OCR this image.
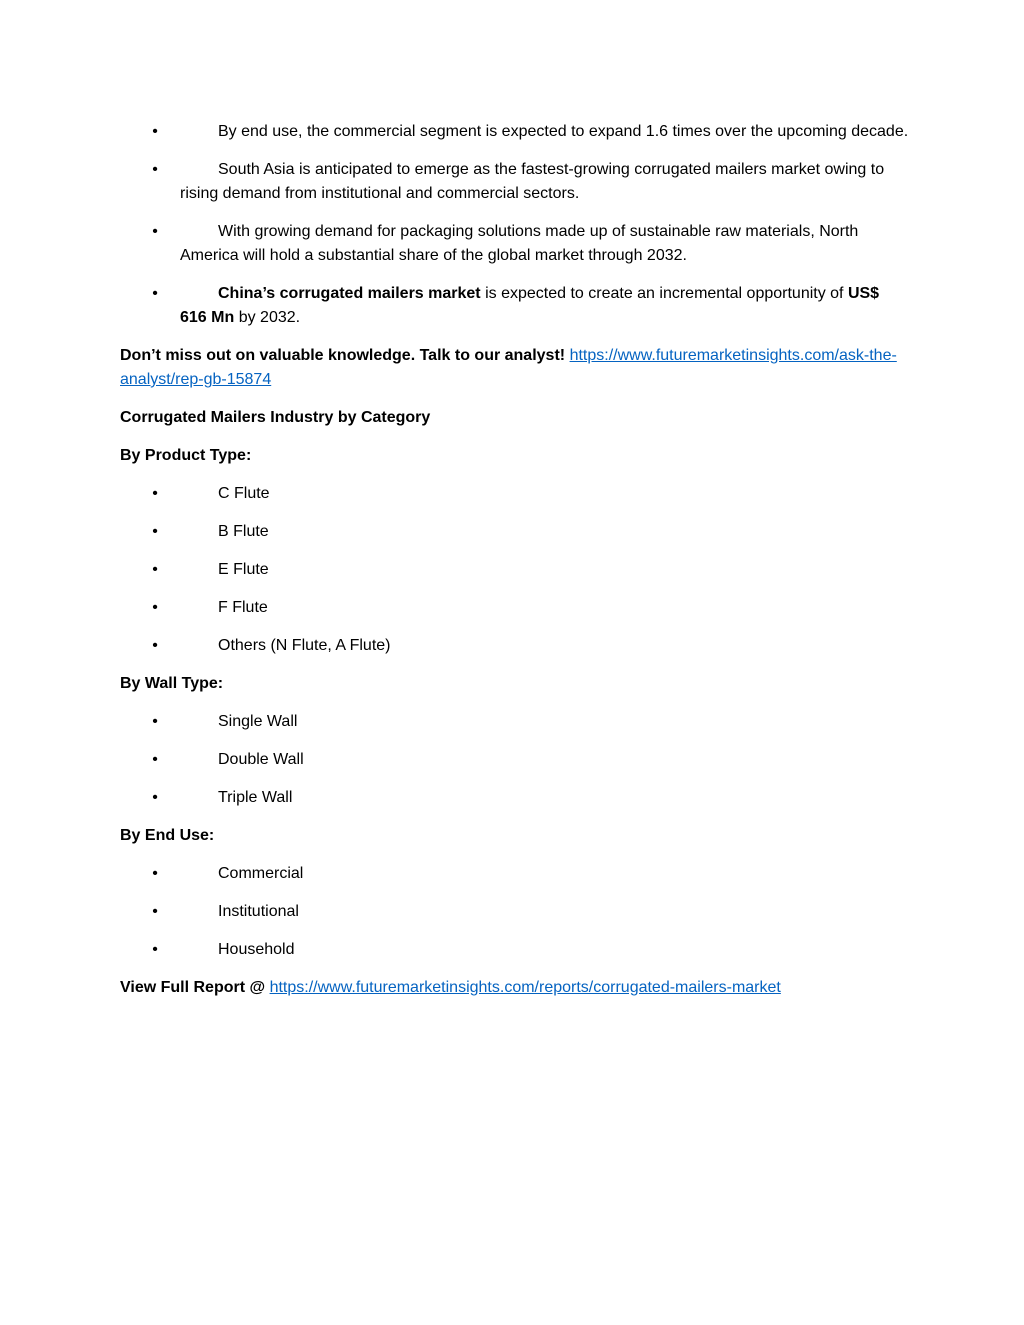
•	By end use, the commercial segment is expected to expand 1.6 times over the upcoming decade.
•	South Asia is anticipated to emerge as the fastest-growing corrugated mailers market owing to rising demand from institutional and commercial sectors.
•	With growing demand for packaging solutions made up of sustainable raw materials, North America will hold a substantial share of the global market through 2032.
•	China’s corrugated mailers market is expected to create an incremental opportunity of US$ 616 Mn by 2032.

Don’t miss out on valuable knowledge. Talk to our analyst! https://www.futuremarketinsights.com/ask-the-analyst/rep-gb-15874

Corrugated Mailers Industry by Category

By Product Type:

•	C Flute
•	B Flute
•	E Flute
•	F Flute
•	Others (N Flute, A Flute)

By Wall Type:

•	Single Wall
•	Double Wall
•	Triple Wall

By End Use:

•	Commercial
•	Institutional
•	Household

View Full Report @ https://www.futuremarketinsights.com/reports/corrugated-mailers-market
